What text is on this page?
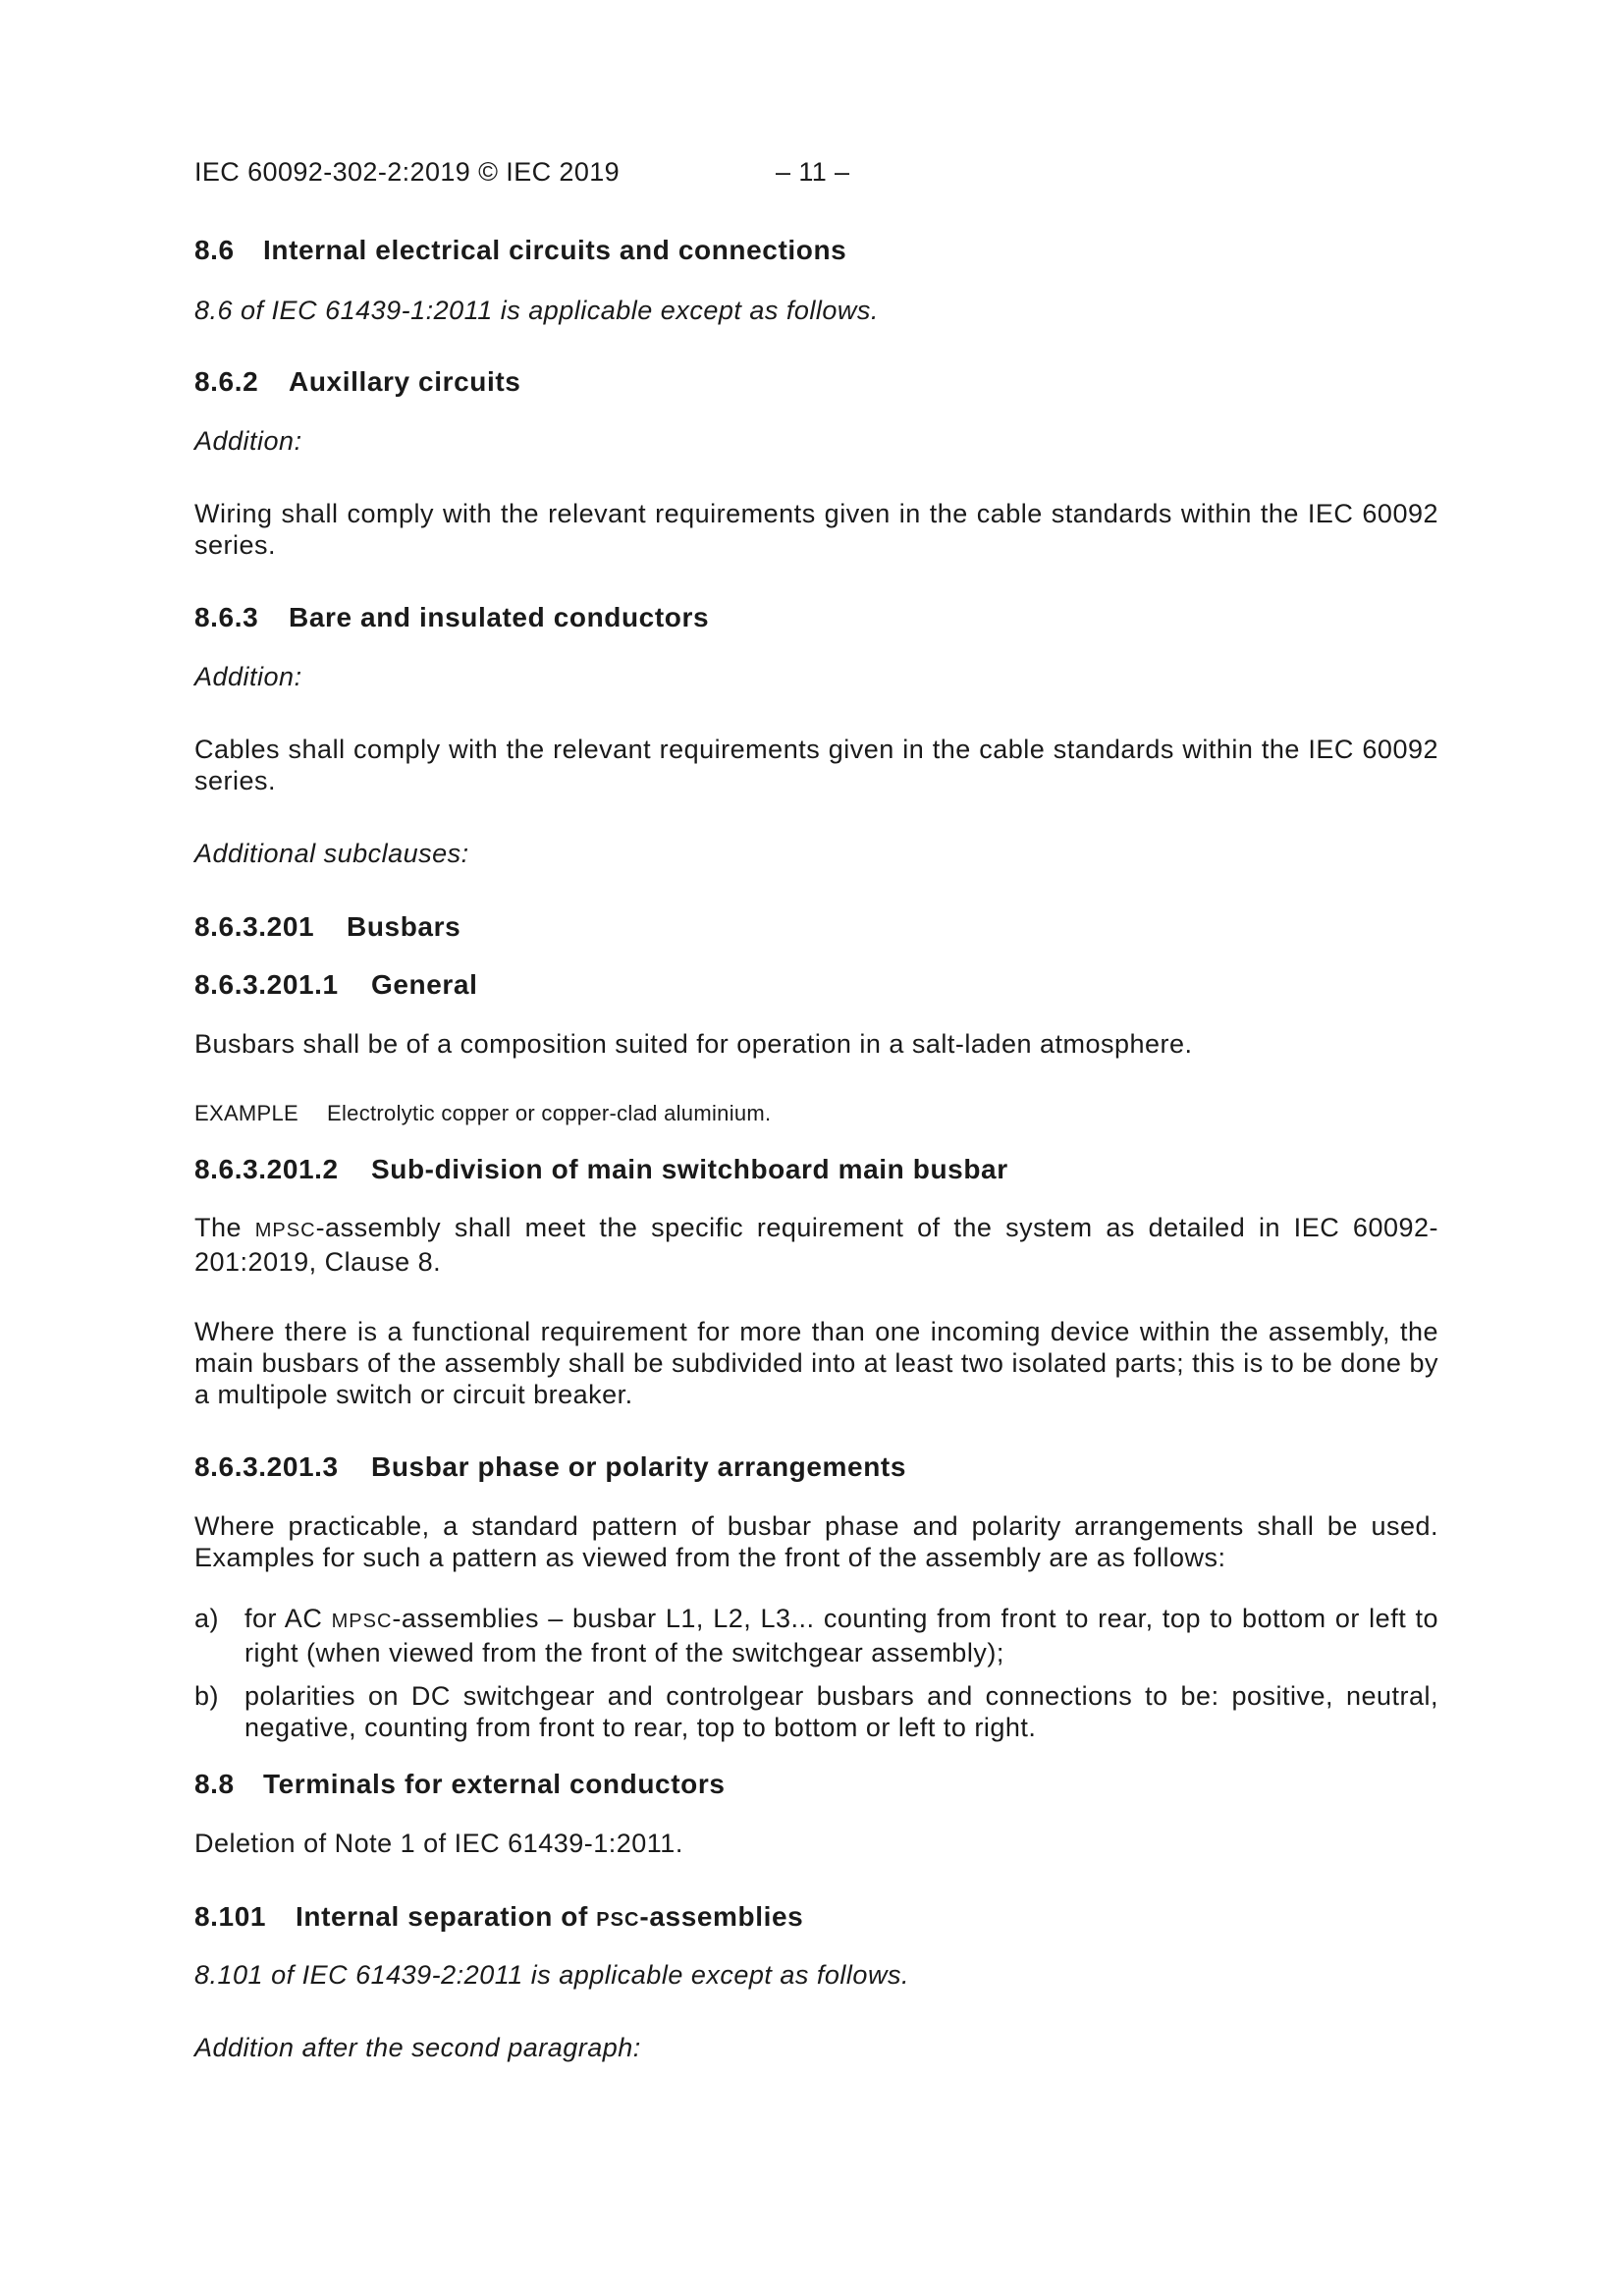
IEC 60092-302-2:2019 © IEC 2019	– 11 –
8.6 Internal electrical circuits and connections

8.6 of IEC 61439-1:2011 is applicable except as follows.

8.6.2 Auxillary circuits

Addition:

Wiring shall comply with the relevant requirements given in the cable standards within the IEC 60092 series.

8.6.3 Bare and insulated conductors

Addition:

Cables shall comply with the relevant requirements given in the cable standards within the IEC 60092 series.

Additional subclauses:

8.6.3.201 Busbars
8.6.3.201.1 General

Busbars shall be of a composition suited for operation in a salt-laden atmosphere.

EXAMPLE Electrolytic copper or copper-clad aluminium.
8.6.3.201.2 Sub-division of main switchboard main busbar

The MPSC-assembly shall meet the specific requirement of the system as detailed in IEC 60092-201:2019, Clause 8.

Where there is a functional requirement for more than one incoming device within the assembly, the main busbars of the assembly shall be subdivided into at least two isolated parts; this is to be done by a multipole switch or circuit breaker.

8.6.3.201.3 Busbar phase or polarity arrangements

Where practicable, a standard pattern of busbar phase and polarity arrangements shall be used. Examples for such a pattern as viewed from the front of the assembly are as follows:

a) for AC MPSC-assemblies – busbar L1, L2, L3... counting from front to rear, top to bottom or left to right (when viewed from the front of the switchgear assembly);
b) polarities on DC switchgear and controlgear busbars and connections to be: positive, neutral, negative, counting from front to rear, top to bottom or left to right.
8.8 Terminals for external conductors

Deletion of Note 1 of IEC 61439-1:2011.

8.101 Internal separation of PSC-assemblies

8.101 of IEC 61439-2:2011 is applicable except as follows.

Addition after the second paragraph:
